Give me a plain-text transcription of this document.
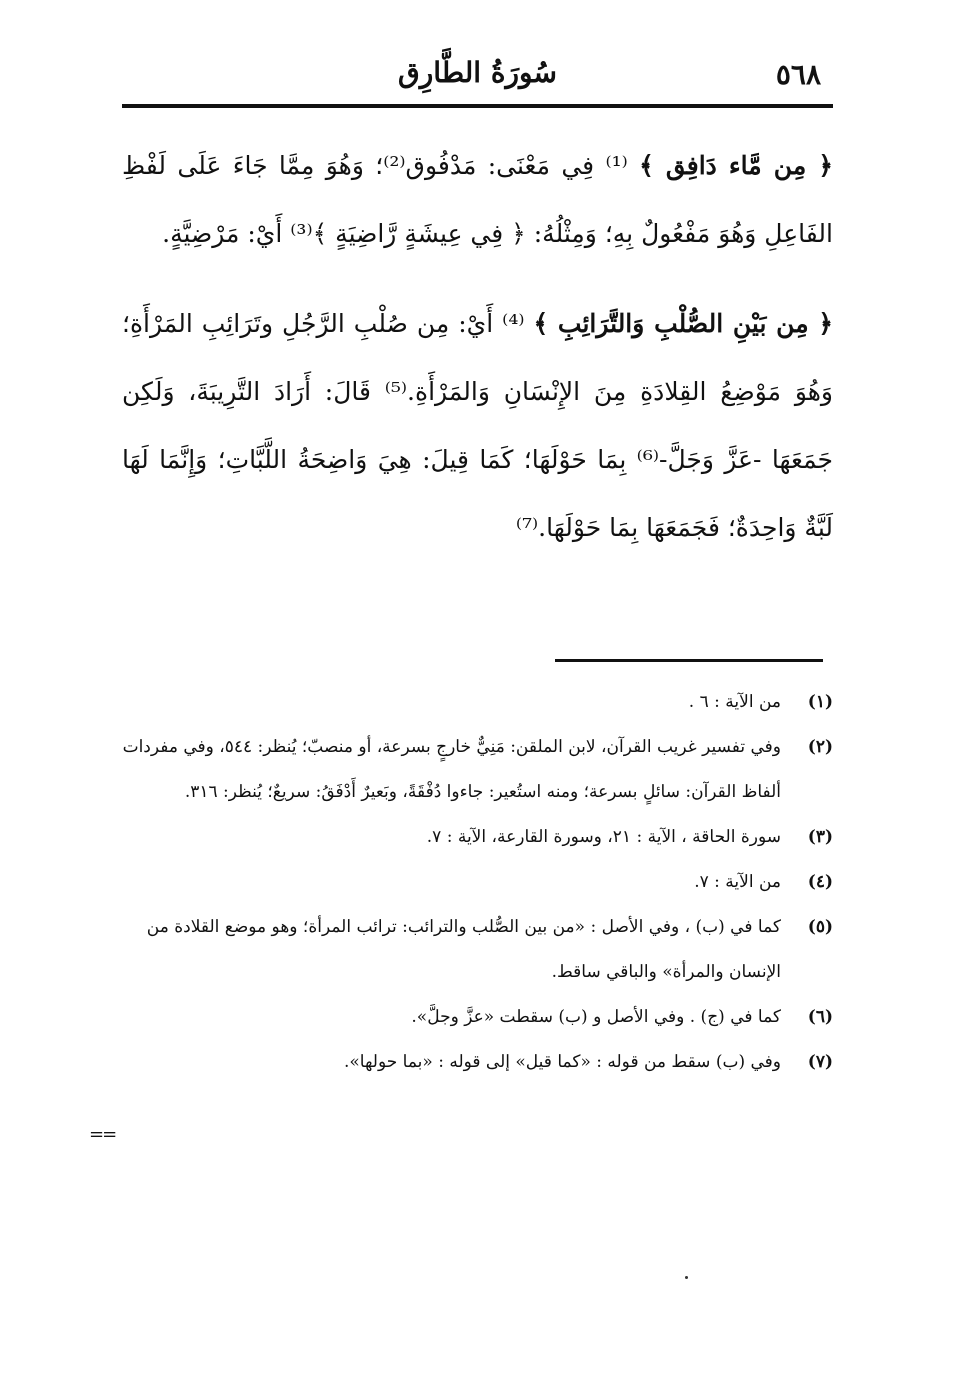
٥٦٨
سُورَةُ الطَّارِق

﴿ مِن مَّاء دَافِق ﴾ ⁽¹⁾ فِي مَعْنَى: مَدْفُوق⁽²⁾؛ وَهُوَ مِمَّا جَاءَ عَلَى لَفْظِ الفَاعِلِ وَهُوَ مَفْعُولٌ بِهِ؛ وَمِثْلُهُ: ﴿ فِي عِيشَةٍ رَّاضِيَةٍ ﴾⁽³⁾ أَيْ: مَرْضِيَّةٍ.

﴿ مِن بَيْنِ الصُّلْبِ وَالتَّرَائِبِ ﴾ ⁽⁴⁾ أَيْ: مِن صُلْبِ الرَّجُلِ وتَرَائِبِ المَرْأَةِ؛ وَهُوَ مَوْضِعُ القِلادَةِ مِنَ الإِنْسَانِ وَالمَرْأَةِ.⁽⁵⁾ قَالَ: أَرَادَ التَّرِيبَةَ، وَلَكِن جَمَعَهَا -عَزَّ وَجَلَّ-⁽⁶⁾ بِمَا حَوْلَهَا؛ كَمَا قِيلَ: هِيَ وَاضِحَةُ اللَّبَّاتِ؛ وَإِنَّمَا لَهَا لَبَّةٌ وَاحِدَةٌ؛ فَجَمَعَهَا بِمَا حَوْلَهَا.⁽⁷⁾

(١)
من الآية : ٦ .

(٢)
وفي تفسير غريب القرآن، لابن الملقن: مَنِيٌّ خارجٍ بسرعة، أو منصبّ؛ يُنظر: ٥٤٤، وفي مفردات ألفاظ القرآن: سائلٍ بسرعة؛ ومنه استُعير: جاءوا دُفْقَةً، وبَعيرٌ أَدْفَقُ: سريعٌ؛ يُنظر: ٣١٦.

(٣)
سورة الحاقة ، الآية : ٢١، وسورة القارعة، الآية : ٧.

(٤)
من الآية : ٧.

(٥)
كما في (ب) ، وفي الأصل : «من بين الصُّلب والترائب: ترائب المرأة؛ وهو موضع القلادة من الإنسان والمرأة» والباقي ساقط.

(٦)
كما في (ج) . وفي الأصل و (ب) سقطت «عزَّ وجلَّ».

(٧)
وفي (ب) سقط من قوله : «كما قيل» إلى قوله : «بما حولها».

==
